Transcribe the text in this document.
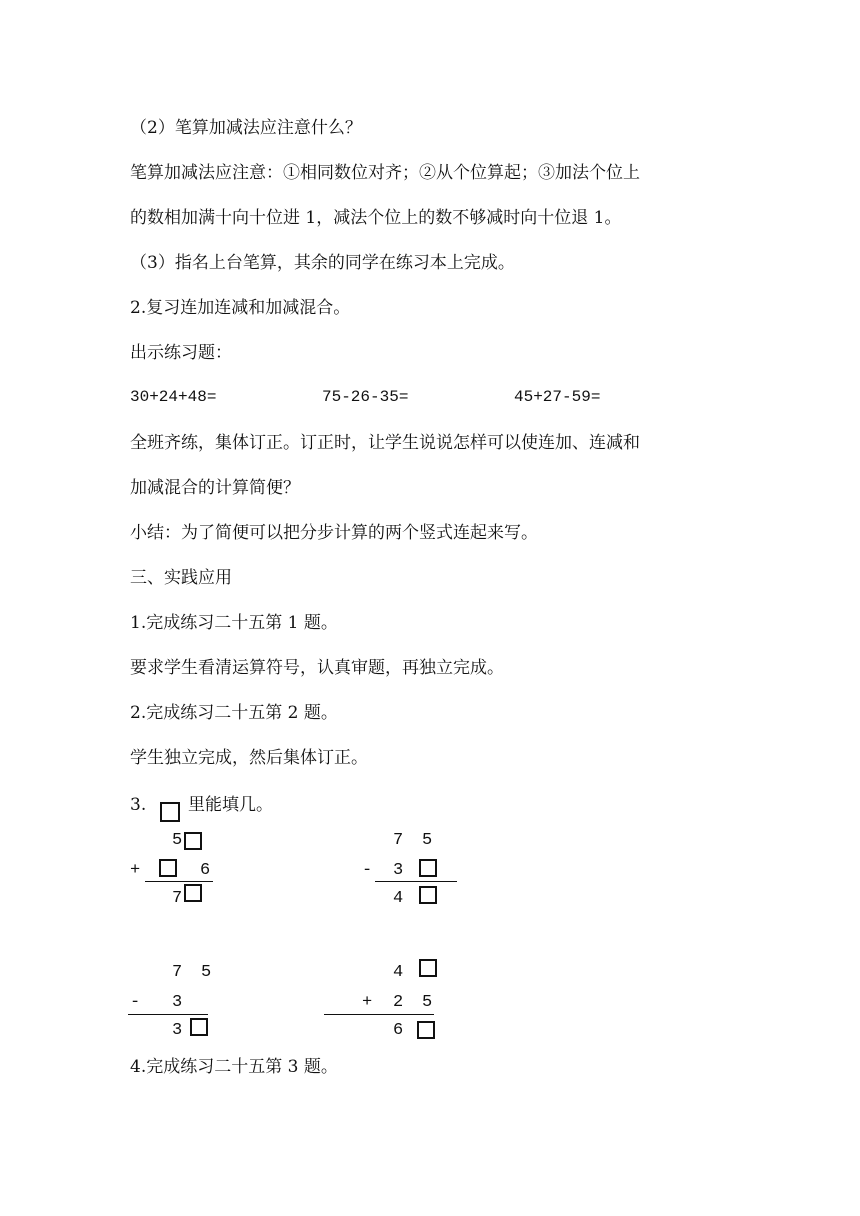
（2）笔算加减法应注意什么？
笔算加减法应注意：①相同数位对齐；②从个位算起；③加法个位上
的数相加满十向十位进 1，减法个位上的数不够减时向十位退 1。
（3）指名上台笔算，其余的同学在练习本上完成。
2.复习连加连减和加减混合。
出示练习题：
30+24+48=	75-26-35=	45+27-59=
全班齐练，集体订正。订正时，让学生说说怎样可以使连加、连减和
加减混合的计算简便？
小结：为了简便可以把分步计算的两个竖式连起来写。
三、实践应用
1.完成练习二十五第 1 题。
要求学生看清运算符号，认真审题，再独立完成。
2.完成练习二十五第 2 题。
学生独立完成，然后集体订正。
3. 里能填几。
5
+	6
7
7 5
- 3
4
7 5
- 3
3
4
+ 2 5
6
4.完成练习二十五第 3 题。
